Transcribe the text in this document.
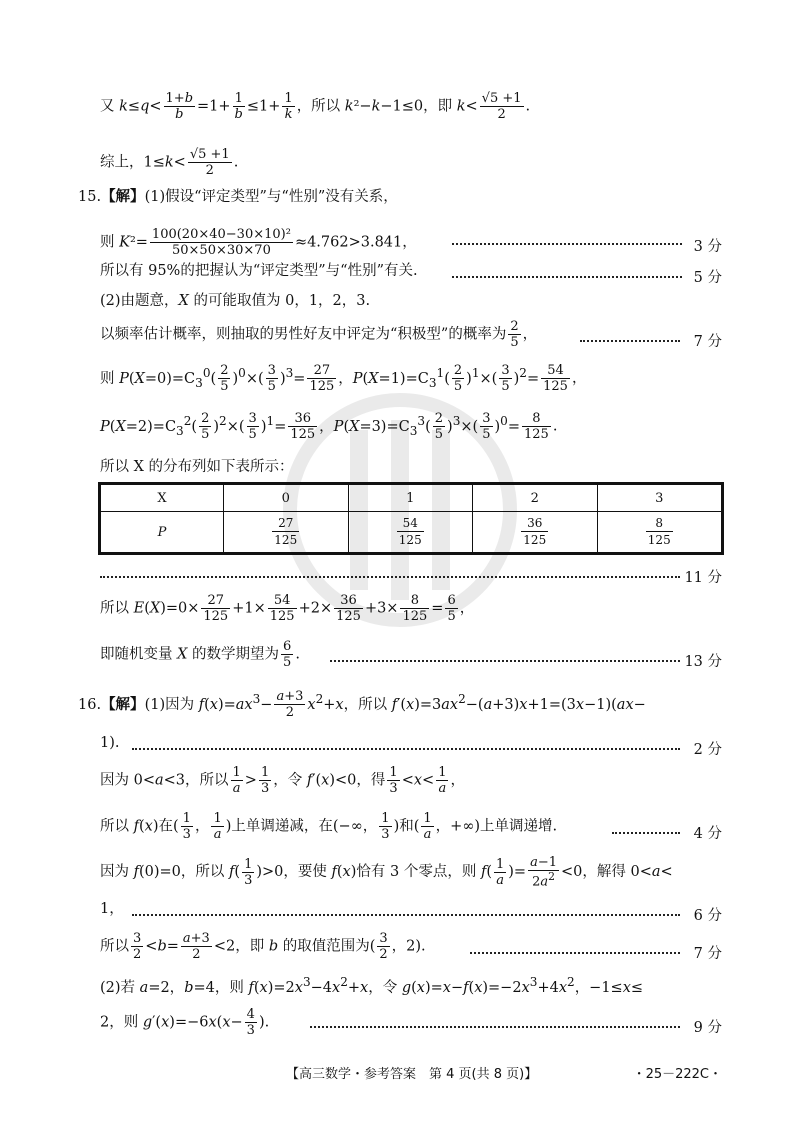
又 $k\le q< \frac{1+b}{b} =1+ \frac{1}{b} \le 1+ \frac{1}{k}$ ，所以 k²−k−1≤0，即 $k< \frac{√5 +1}{2}$ .
综上，$1\le k< \frac{√5 +1}{2}$ .
15.【解】(1)假设“评定类型”与“性别”没有关系，
则 $K^2= \frac{\text{100(20×40−30×10)²}}{50\times 50\times 30\times 70} \approx 4.762>3.841$，	3 分
所以有 95%的把握认为“评定类型”与“性别”有关.	5 分
(2)由题意，X 的可能取值为 0，1，2，3.
以频率估计概率，则抽取的男性好友中评定为“积极型”的概率为 $\frac{2}{5}$ ，	7 分
则 $P(X=0)=C_3^0( \frac{2}{5} )^0\times( \frac{3}{5} )^3= \frac{27}{125}$ ，$P(X=1)=C_3^1( \frac{2}{5} )^1\times( \frac{3}{5} )^2= \frac{54}{125}$ ，
$P(X=2)=C_3^2( \frac{2}{5} )^2\times( \frac{3}{5} )^1= \frac{36}{125}$ ，$P(X=3)=C_3^3( \frac{2}{5} )^3\times( \frac{3}{5} )^0= \frac{8}{125}$ .
所以 X 的分布列如下表所示：
X	0	1	2	3
P	$\frac{27}{125}$	$\frac{54}{125}$	$\frac{36}{125}$	$\frac{8}{125}$
11 分
所以 $E(X)=0\times \frac{27}{125} +1\times \frac{54}{125} +2\times \frac{36}{125} +3\times \frac{8}{125} = \frac{6}{5}$ ，
即随机变量 X 的数学期望为 $\frac{6}{5}$ .	13 分
16.【解】(1)因为 $f(x)=ax^3- \frac{a+3}{2} x^2+x$，所以 $f'(x)=3ax^2-(a+3)x+1=(3x-1)(ax-$
1).	2 分
因为 0<a<3，所以 $\frac{1}{a} > \frac{1}{3}$ ，令 f′(x)<0，得 $\frac{1}{3} <x< \frac{1}{a}$ ，
所以 f(x)在( $\frac{1}{3}$ ， $\frac{1}{a}$ )上单调递减，在(−∞， $\frac{1}{3}$ )和( $\frac{1}{a}$ ，+∞)上单调递增.	4 分
因为 f(0)=0，所以 $f( \frac{1}{3} )>0$，要使 f(x)恰有 3 个零点，则 $f( \frac{1}{a}$ )= $\frac{a-1}{2a^2} <0$，解得 0<a<
1，	6 分
所以 $\frac{3}{2} <b= \frac{a+3}{2} <2$，即 b 的取值范围为( $\frac{3}{2}$ ，2).	7 分
(2)若 a=2，b=4，则 $f(x)=2x^3-4x^2+x$，令 $g(x)=x-f(x)=-2x^3+4x^2$，−1≤x≤
2，则 $g'(x)=-6x(x- \frac{4}{3}$ ).	9 分
【高三数学・参考答案　第 4 页(共 8 页)】	・25－222C・
